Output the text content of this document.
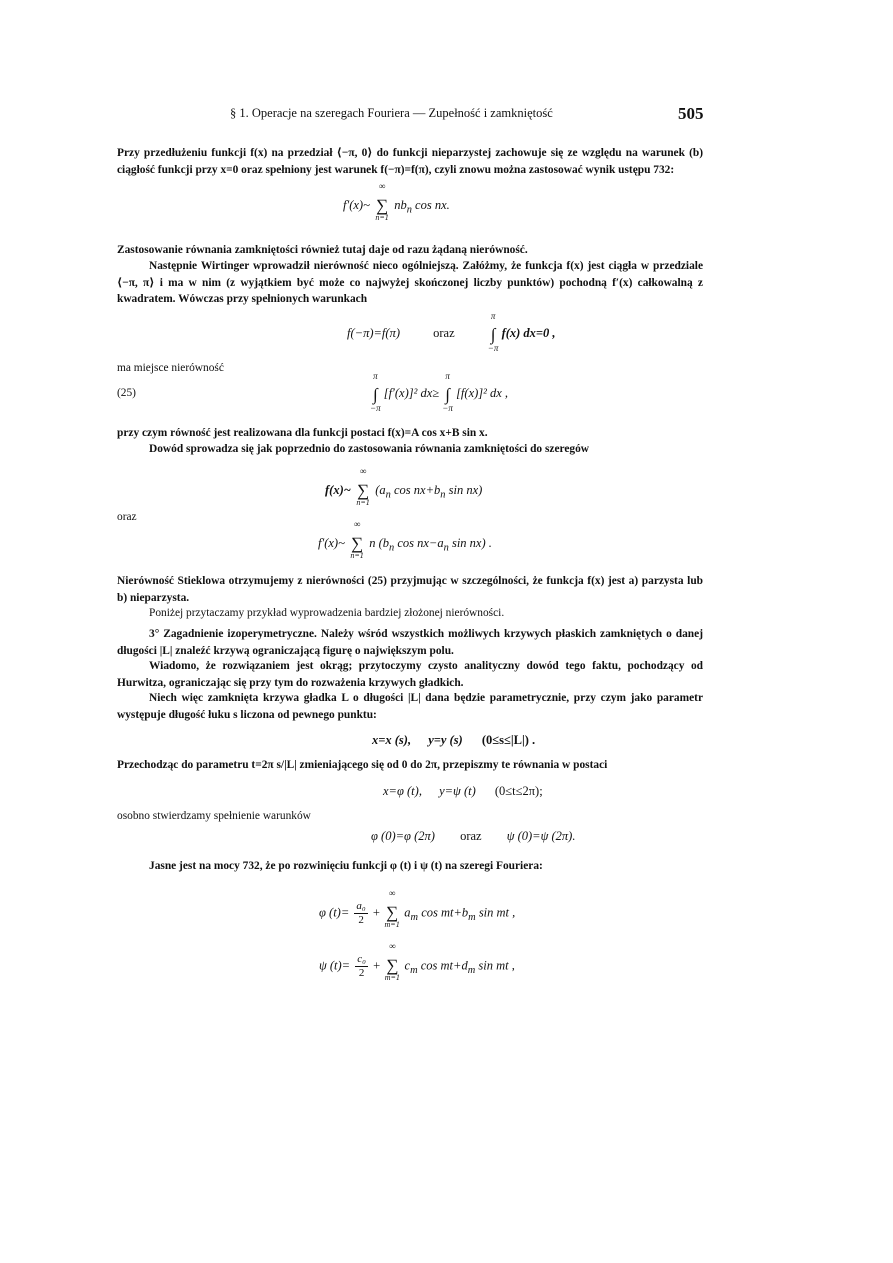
§ 1. Operacje na szeregach Fouriera — Zupełność i zamkniętość	505

Przy przedłużeniu funkcji f(x) na przedział ⟨−π, 0⟩ do funkcji nieparzystej zachowuje się ze względu na warunek (b) ciągłość funkcji przy x=0 oraz spełniony jest warunek f(−π)=f(π), czyli znowu można zastosować wynik ustępu 732:

f′(x)~ ∑
∞
n=1
$nb_n$ cos nx.

Zastosowanie równania zamkniętości również tutaj daje od razu żądaną nierówność.

Następnie Wirtinger wprowadził nierówność nieco ogólniejszą. Załóżmy, że funkcja f(x) jest ciągła w przedziale ⟨−π, π⟩ i ma w nim (z wyjątkiem być może co najwyżej skończonej liczby punktów) pochodną f′(x) całkowalną z kwadratem. Wówczas przy spełnionych warunkach

f(−π)=f(π)	oraz ∫
π
−π
f(x) dx=0 ,

ma miejsce nierówność

(25)	∫
π
−π
[f′(x)]² dx≥ ∫
π
−π
[f(x)]² dx ,

przy czym równość jest realizowana dla funkcji postaci f(x)=A cos x+B sin x.

Dowód sprowadza się jak poprzednio do zastosowania równania zamkniętości do szeregów

f(x)~ ∑
∞
n=1
($a_n$ $\cos nx+b_n$ sin nx)

oraz

f′(x)~ ∑
∞
n=1
n ($b_n$ $\cos nx-a_n$ sin nx) .

Nierówność Stieklowa otrzymujemy z nierówności (25) przyjmując w szczególności, że funkcja f(x) jest a) parzysta lub b) nieparzysta.

Poniżej przytaczamy przykład wyprowadzenia bardziej złożonej nierówności.

3° Zagadnienie izoperymetryczne. Należy wśród wszystkich możliwych krzywych płaskich zamkniętych o danej długości |L| znaleźć krzywą ograniczającą figurę o największym polu.

Wiadomo, że rozwiązaniem jest okrąg; przytoczymy czysto analityczny dowód tego faktu, pochodzący od Hurwitza, ograniczając się przy tym do rozważenia krzywych gładkich.

Niech więc zamknięta krzywa gładka L o długości |L| dana będzie parametrycznie, przy czym jako parametr występuje długość łuku s liczona od pewnego punktu:

x=x (s), y=y (s) (0≤s≤|L|) .

Przechodząc do parametru t=2π s/|L| zmieniającego się od 0 do 2π, przepiszmy te równania w postaci

x=φ (t), y=ψ (t) (0≤t≤2π);

osobno stwierdzamy spełnienie warunków

φ (0)=φ (2π) oraz ψ (0)=ψ (2π).

Jasne jest na mocy 732, że po rozwinięciu funkcji φ (t) i ψ (t) na szeregi Fouriera:

φ $(t)= \frac{\text{a₀}}{2}$ + ∑
∞
m=1
$a_m$ $\cos mt+b_m$ sin mt ,
ψ $(t)= \frac{\text{c₀}}{2}$ + ∑
∞
m=1
$c_m$ $\cos mt+d_m$ sin mt ,
